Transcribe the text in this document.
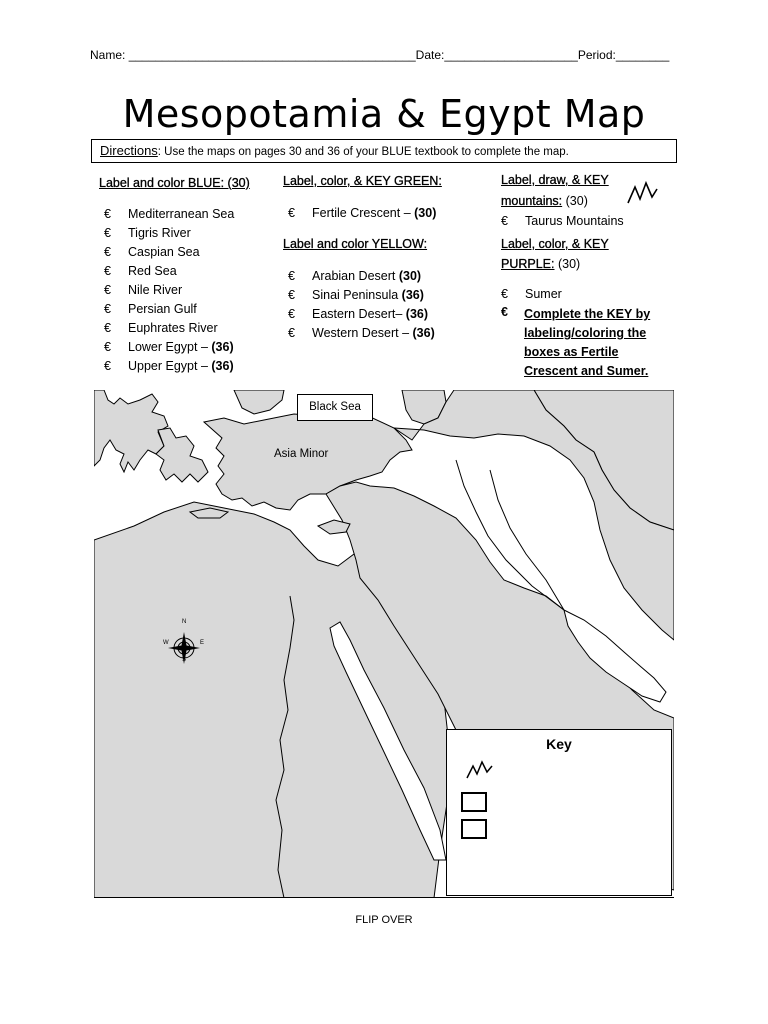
Name: ___________________________________________Date:____________________Period:________
Mesopotamia & Egypt Map
Directions: Use the maps on pages 30 and 36 of your BLUE textbook to complete the map.
Label and color BLUE: (30)
€ Mediterranean Sea
€ Tigris River
€ Caspian Sea
€ Red Sea
€ Nile River
€ Persian Gulf
€ Euphrates River
€ Lower Egypt – (36)
€ Upper Egypt – (36)
Label, color, & KEY GREEN:
€ Fertile Crescent – (30)
Label and color YELLOW:
€ Arabian Desert (30)
€ Sinai Peninsula (36)
€ Eastern Desert– (36)
€ Western Desert – (36)
Label, draw, & KEY
mountains: (30)
€ Taurus Mountains
Label, color, & KEY
PURPLE: (30)
€ Sumer
€ Complete the KEY by
labeling/coloring the
boxes as Fertile
Crescent and Sumer.
N
S
W	E
Black Sea
Asia Minor
Key
FLIP OVER
